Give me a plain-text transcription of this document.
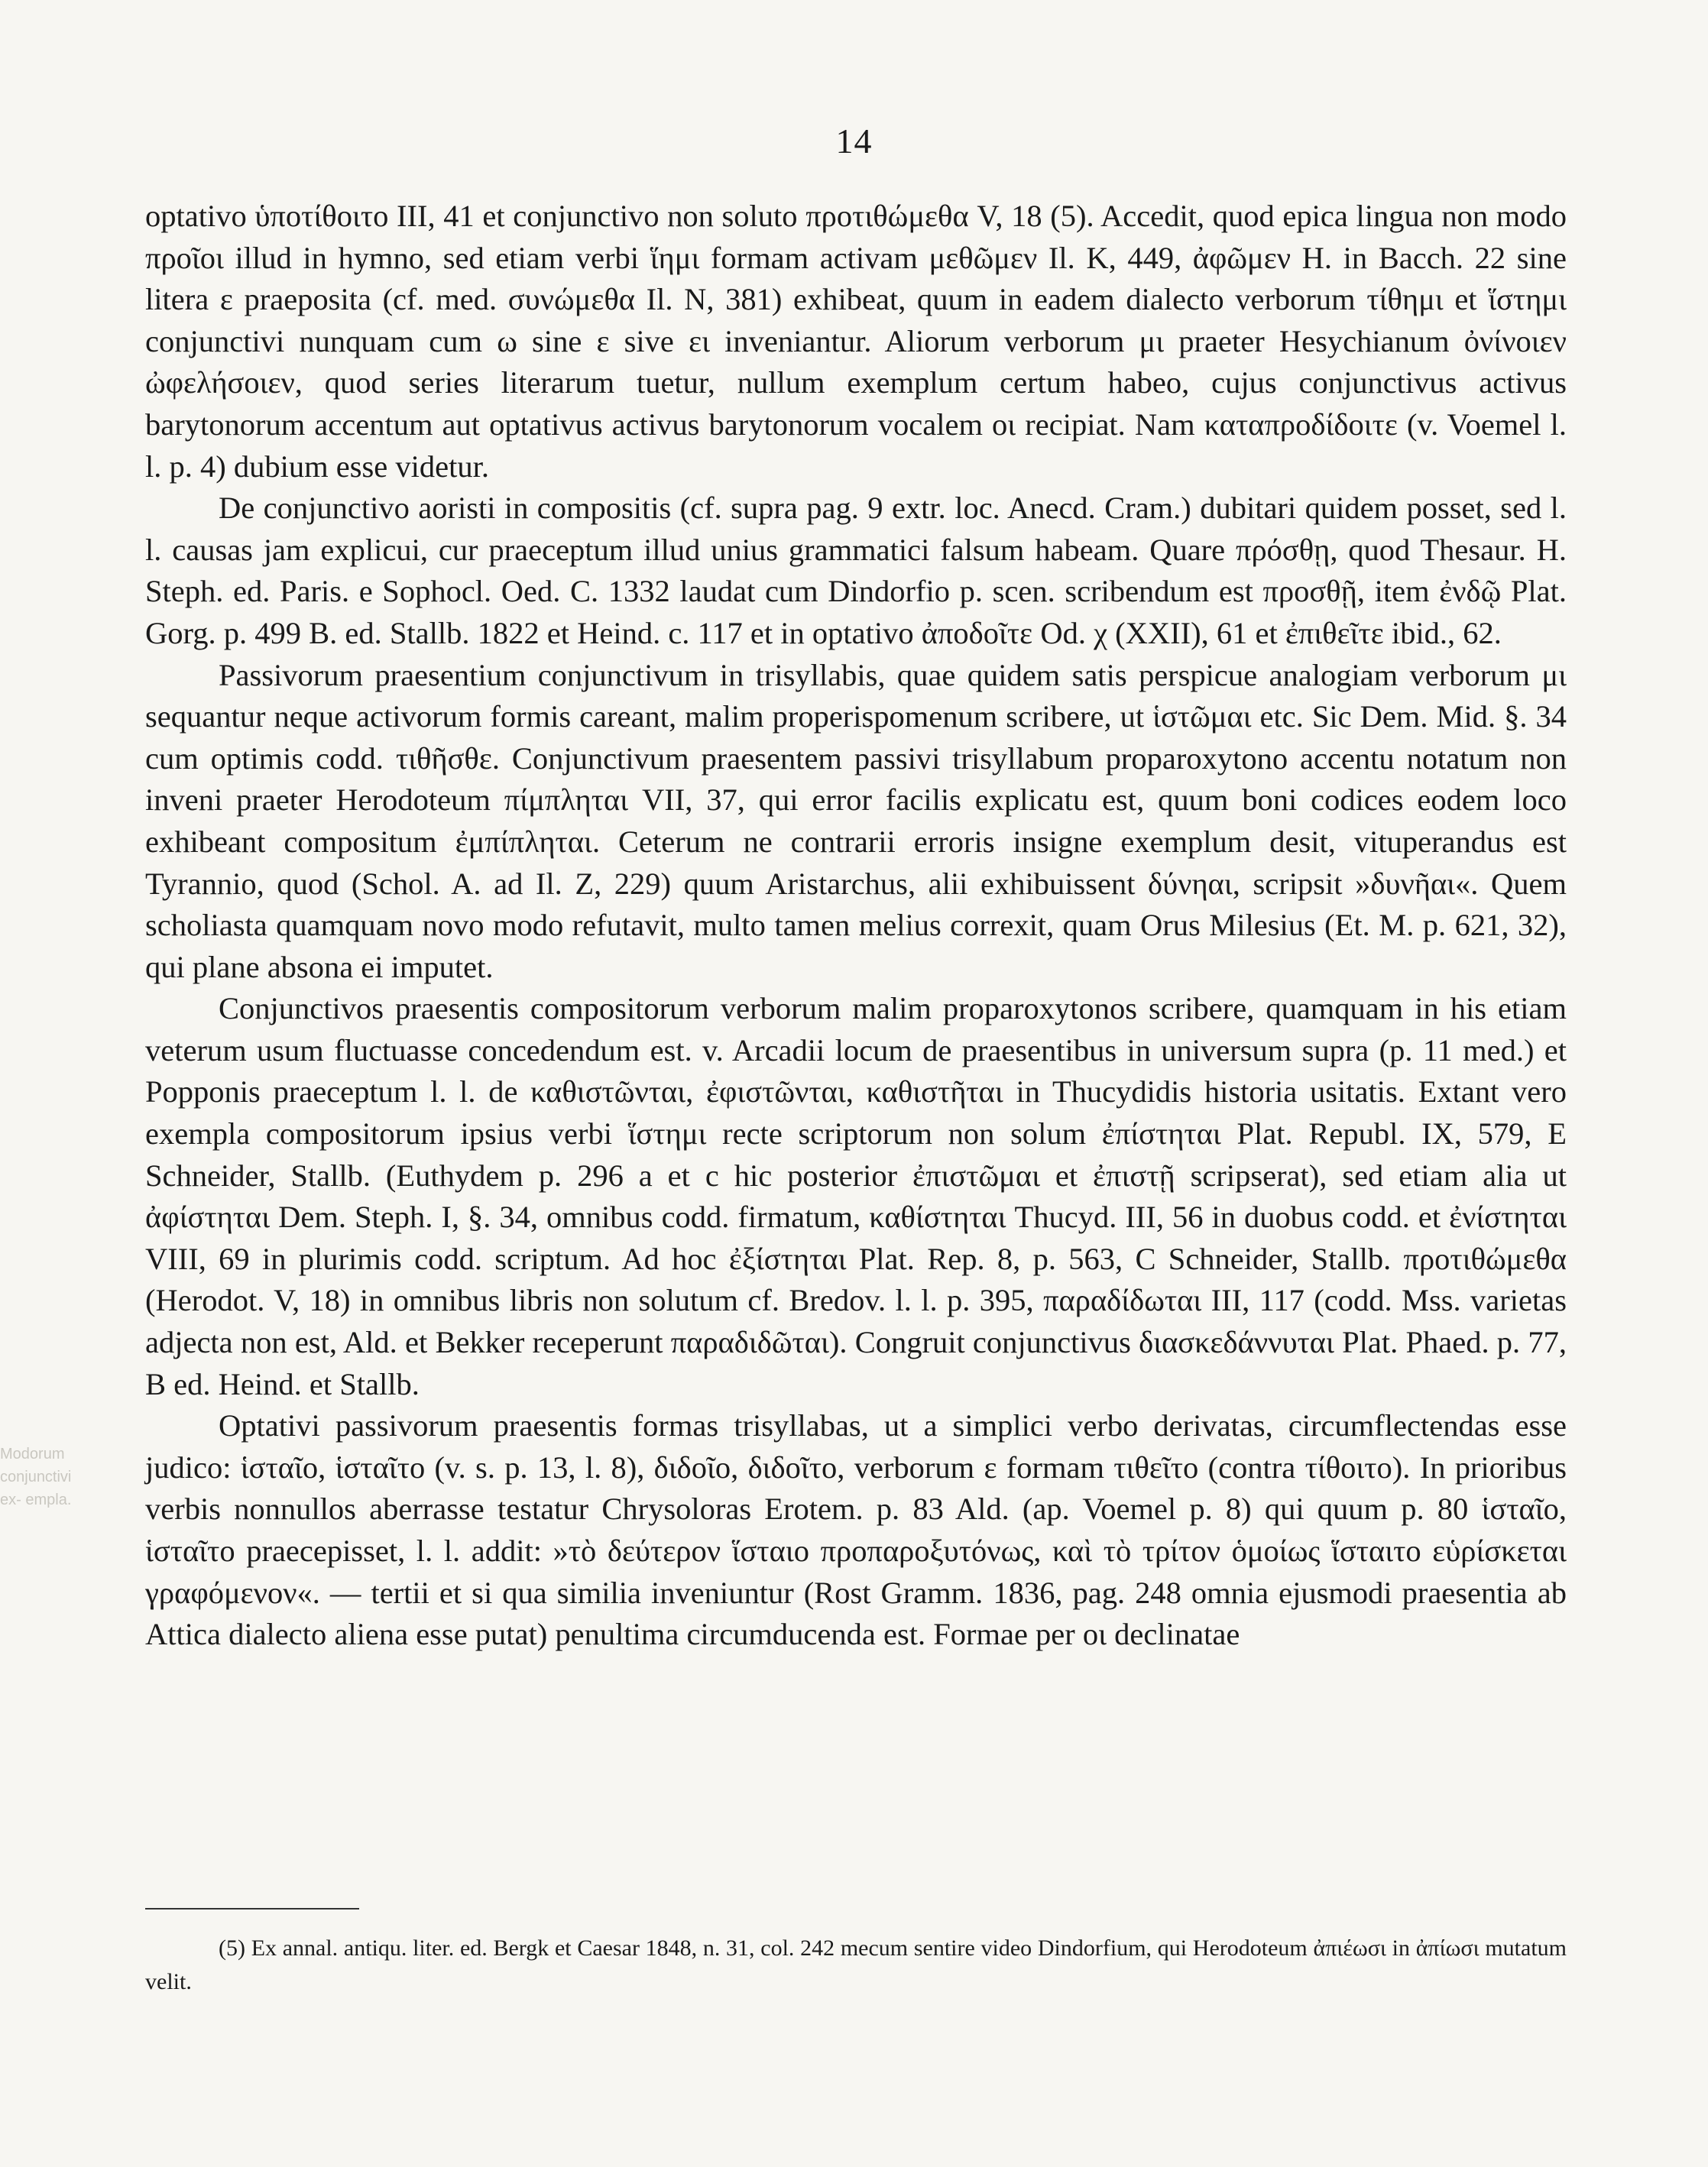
14

optativo ὑποτίθοιτο III, 41 et conjunctivo non soluto προτιθώμεθα V, 18 (5). Accedit, quod epica lingua non modo πρoῖοι illud in hymno, sed etiam verbi ἵημι formam activam μεθῶμεν Il. Κ, 449, ἀφῶμεν H. in Bacch. 22 sine litera ε praeposita (cf. med. συνώμεθα Il. Ν, 381) exhibeat, quum in eadem dialecto verborum τίθημι et ἵστημι conjunctivi nunquam cum ω sine ε sive ει inveniantur. Aliorum verborum μι praeter Hesychianum ὀνίνοιεν ὠφελήσοιεν, quod series literarum tuetur, nullum exemplum certum habeo, cujus conjunctivus activus barytonorum accentum aut optativus activus barytonorum vocalem οι recipiat. Nam καταπροδίδοιτε (v. Voemel l. l. p. 4) dubium esse videtur.

De conjunctivo aoristi in compositis (cf. supra pag. 9 extr. loc. Anecd. Cram.) dubitari quidem posset, sed l. l. causas jam explicui, cur praeceptum illud unius grammatici falsum habeam. Quare πρόσθῃ, quod Thesaur. H. Steph. ed. Paris. e Sophocl. Oed. C. 1332 laudat cum Dindorfio p. scen. scribendum est προσθῇ, item ἐνδῷ Plat. Gorg. p. 499 B. ed. Stallb. 1822 et Heind. c. 117 et in optativo ἀποδοῖτε Od. χ (XXII), 61 et ἐπιθεῖτε ibid., 62.

Passivorum praesentium conjunctivum in trisyllabis, quae quidem satis perspicue analogiam verborum μι sequantur neque activorum formis careant, malim properispomenum scribere, ut ἱστῶμαι etc. Sic Dem. Mid. §. 34 cum optimis codd. τιθῆσθε. Conjunctivum praesentem passivi trisyllabum proparoxytono accentu notatum non inveni praeter Herodoteum πίμπληται VII, 37, qui error facilis explicatu est, quum boni codices eodem loco exhibeant compositum ἐμπίπληται. Ceterum ne contrarii erroris insigne exemplum desit, vituperandus est Tyrannio, quod (Schol. A. ad Il. Ζ, 229) quum Aristarchus, alii exhibuissent δύνηαι, scripsit »δυνῆαι«. Quem scholiasta quamquam novo modo refutavit, multo tamen melius correxit, quam Orus Milesius (Et. M. p. 621, 32), qui plane absona ei imputet.

Conjunctivos praesentis compositorum verborum malim proparoxytonos scribere, quamquam in his etiam veterum usum fluctuasse concedendum est. v. Arcadii locum de praesentibus in universum supra (p. 11 med.) et Popponis praeceptum l. l. de καθιστῶνται, ἐφιστῶνται, καθιστῆται in Thucydidis historia usitatis. Extant vero exempla compositorum ipsius verbi ἵστημι recte scriptorum non solum ἐπίστηται Plat. Republ. IX, 579, E Schneider, Stallb. (Euthydem p. 296 a et c hic posterior ἐπιστῶμαι et ἐπιστῇ scripserat), sed etiam alia ut ἀφίστηται Dem. Steph. I, §. 34, omnibus codd. firmatum, καθίστηται Thucyd. III, 56 in duobus codd. et ἐνίστηται VIII, 69 in plurimis codd. scriptum. Ad hoc ἐξίστηται Plat. Rep. 8, p. 563, C Schneider, Stallb. προτιθώμεθα (Herodot. V, 18) in omnibus libris non solutum cf. Bredov. l. l. p. 395, παραδίδωται III, 117 (codd. Mss. varietas adjecta non est, Ald. et Bekker receperunt παραδιδῶται). Congruit conjunctivus διασκεδάννυται Plat. Phaed. p. 77, B ed. Heind. et Stallb.

Optativi passivorum praesentis formas trisyllabas, ut a simplici verbo derivatas, circumflectendas esse judico: ἱσταῖο, ἱσταῖτο (v. s. p. 13, l. 8), διδοῖο, διδοῖτο, verborum ε formam τιθεῖτο (contra τίθοιτο). In prioribus verbis nonnullos aberrasse testatur Chrysoloras Erotem. p. 83 Ald. (ap. Voemel p. 8) qui quum p. 80 ἱσταῖο, ἱσταῖτο praecepisset, l. l. addit: »τὸ δεύτερον ἵσταιο προπαροξυτόνως, καὶ τὸ τρίτον ὁμοίως ἵσταιτο εὑρίσκεται γραφόμενον«. — tertii et si qua similia inveniuntur (Rost Gramm. 1836, pag. 248 omnia ejusmodi praesentia ab Attica dialecto aliena esse putat) penultima circumducenda est. Formae per οι declinatae

(5) Ex annal. antiqu. liter. ed. Bergk et Caesar 1848, n. 31, col. 242 mecum sentire video Dindorfium, qui Herodoteum ἀπιέωσι in ἀπίωσι mutatum velit.

Modorum conjunctivi ex- empla.
